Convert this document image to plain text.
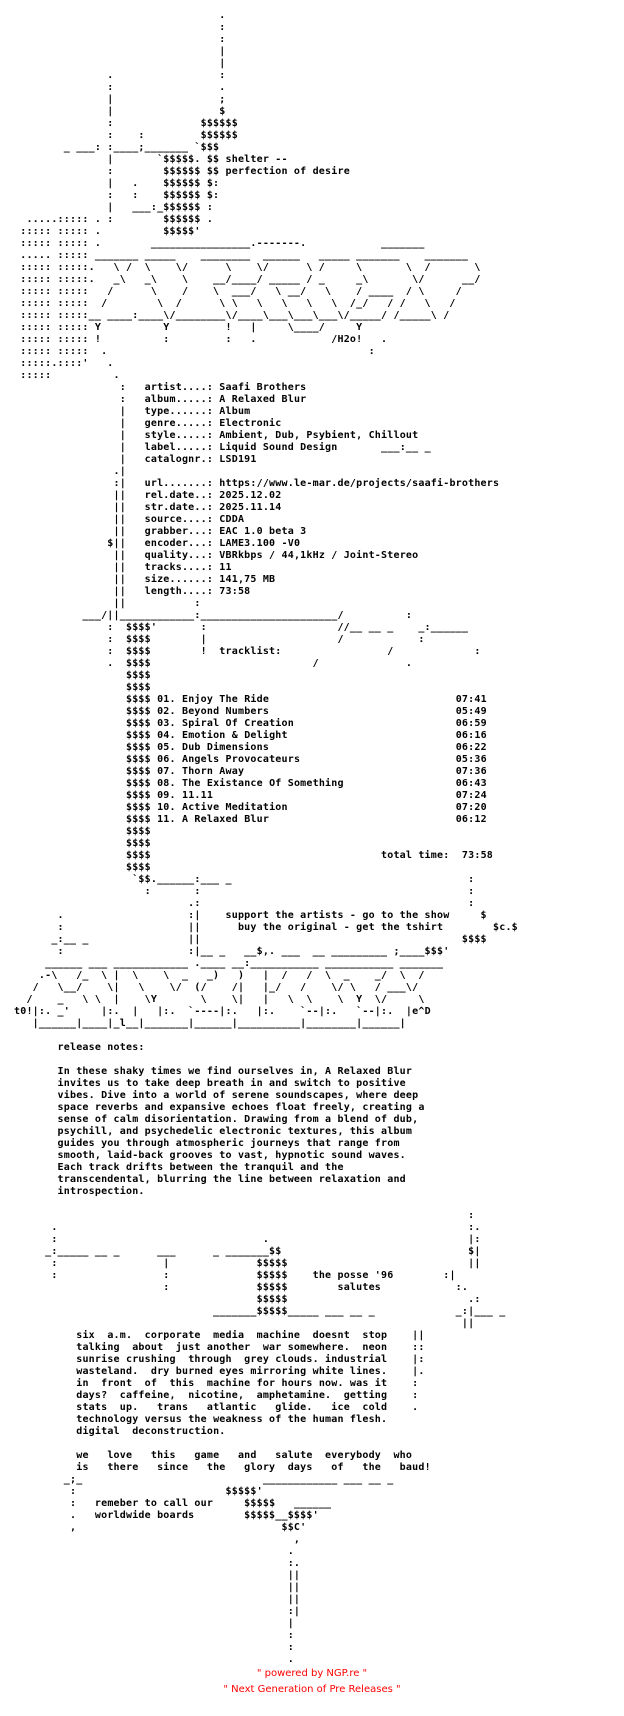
.
:
:
|
|
.                 :
:                 .
|                 ;
|                 $
:              $$$$$$
:    :         $$$$$$
_ ___: :____;_______ `$$$
|       `$$$$$. $$ shelter --
:        $$$$$$ $$ perfection of desire
|   .    $$$$$$ $:
:   :    $$$$$$ $:
|   ___:_$$$$$$ :
.....::::: . :        $$$$$$ .
::::: ::::: .          $$$$$'
::::: ::::: .        ________________.-------.            _______
..... ::::: _______ _____    ________  ______   _____ _______    _______
::::: :::::.   \ /  \    \/      \    \/      \ /     \       \  /       \
::::: :::::.   _\   _\    \    __/____/ _____ / _     _\       \/      __/
::::: :::::   /      \    /    \  ___/   \ __/   \    / ____  / \     /
::::: :::::  /        \  /      \ \   \   \   \   \  /_/   / /   \   /
::::: :::::__ ____:____\/________\/____\___\___\___\/_____/ /_____\ /
::::: ::::: Y          Y         !   |     \____/     Y
::::: ::::: !          :         :   .	/H2o!   .
::::: :::::  .                                          :
:::::.::::'   .
:::::          .
:   artist....: Saafi Brothers
:   album.....: A Relaxed Blur
|   type......: Album
|   genre.....: Electronic
|   style.....: Ambient, Dub, Psybient, Chillout
|   label.....: Liquid Sound Design	___:__ _
|   catalognr.: LSD191
.|
:|   url.......: https://www.le-mar.de/projects/saafi-brothers
||   rel.date..: 2025.12.02
||   str.date..: 2025.11.14
||   source....: CDDA
||   grabber...: EAC 1.0 beta 3
$||   encoder...: LAME3.100 -V0
||   quality...: VBRkbps / 44,1kHz / Joint-Stereo
||   tracks....: 11
||   size......: 141,75 MB
||   length....: 73:58
||           :
___/||____________:______________________/          :
:  $$$$'       :                     //__ __ _    _:______
:  $$$$        |                     /            :
:  $$$$        !  tracklist:	/             :
.  $$$$                          /              .
$$$$
$$$$
$$$$ 01. Enjoy The Ride	07:41
$$$$ 02. Beyond Numbers	05:49
$$$$ 03. Spiral Of Creation	06:59
$$$$ 04. Emotion & Delight	06:16
$$$$ 05. Dub Dimensions	06:22
$$$$ 06. Angels Provocateurs	05:36
$$$$ 07. Thorn Away	07:36
$$$$ 08. The Existance Of Something	06:43
$$$$ 09. 11.11	07:24
$$$$ 10. Active Meditation	07:20
$$$$ 11. A Relaxed Blur	06:12
$$$$
$$$$
$$$$	total time: 73:58
$$$$
`$$.______:___ _                                      :
:       :                                           :
.:                                           :
.                    :|    support the artists - go to the show	$
:                    ||	buy the original - get the tshirt	$c.$
_:__ _                ||                                          $$$$
:                    :|__ _   __$,. ___  __ _________ ;____$$$'
______ ___ ____________ .____ __:___________ ___________ _______
.-\   /_  \ |  \    \  _   _)   )   |  /   /  \  _    _/  \  /
/   \__/    \|   \    \/  (/    /|   |_/   /    \/ \   / ___\/
/    _   \ \  |    \Y       \    \|   |   \  \    \  Y  \/     \
t0!|:. _'     |:.  |   |:.  `----|:.   |:.    `--|:.   `--|:.  |e^D
|______|____|_l__|_______|______|__________|________|______|

release notes:

In these shaky times we find ourselves in, A Relaxed Blur
invites us to take deep breath in and switch to positive
vibes. Dive into a world of serene soundscapes, where deep
space reverbs and expansive echoes float freely, creating a
sense of calm disorientation. Drawing from a blend of dub,
psychill, and psychedelic electronic textures, this album
guides you through atmospheric journeys that range from
smooth, laid-back grooves to vast, hypnotic sound waves.
Each track drifts between the tranquil and the
transcendental, blurring the line between relaxation and
introspection.

:
.                                                                  :.
:                                 .                                |:
_:_____ __ _      ___      _ _______$$                              $|
:                 |              $$$$$                             ||
:                 :              $$$$$    the posse '96	:|
:              $$$$$	salutes	:.
$$$$$                             .:
_______$$$$$_____ ___ __ _             _:|___ _
||
six  a.m.  corporate  media  machine  doesnt  stop    ||
talking  about  just another  war somewhere.  neon    ::
sunrise crushing  through  grey clouds. industrial    |:
wasteland.  dry burned eyes mirroring white lines.    |.
in  front  of  this  machine for hours now. was it    :
days?  caffeine,  nicotine,  amphetamine.  getting    :
stats  up.   trans   atlantic   glide.   ice  cold    .
technology versus the weakness of the human flesh.
digital  deconstruction.

we   love   this   game   and   salute  everybody  who
is   there   since   the   glory  days   of   the   baud!
_;_                             ____________ ___ __ _
:                        $$$$$'
:   remeber to call our	$$$$$   ______
.   worldwide boards	$$$$$__$$$$'
,                                 $$C'
,
.
:.
||
||
||
:|
|
:
:
.
" powered by NGP.re "
" Next Generation of Pre Releases "
